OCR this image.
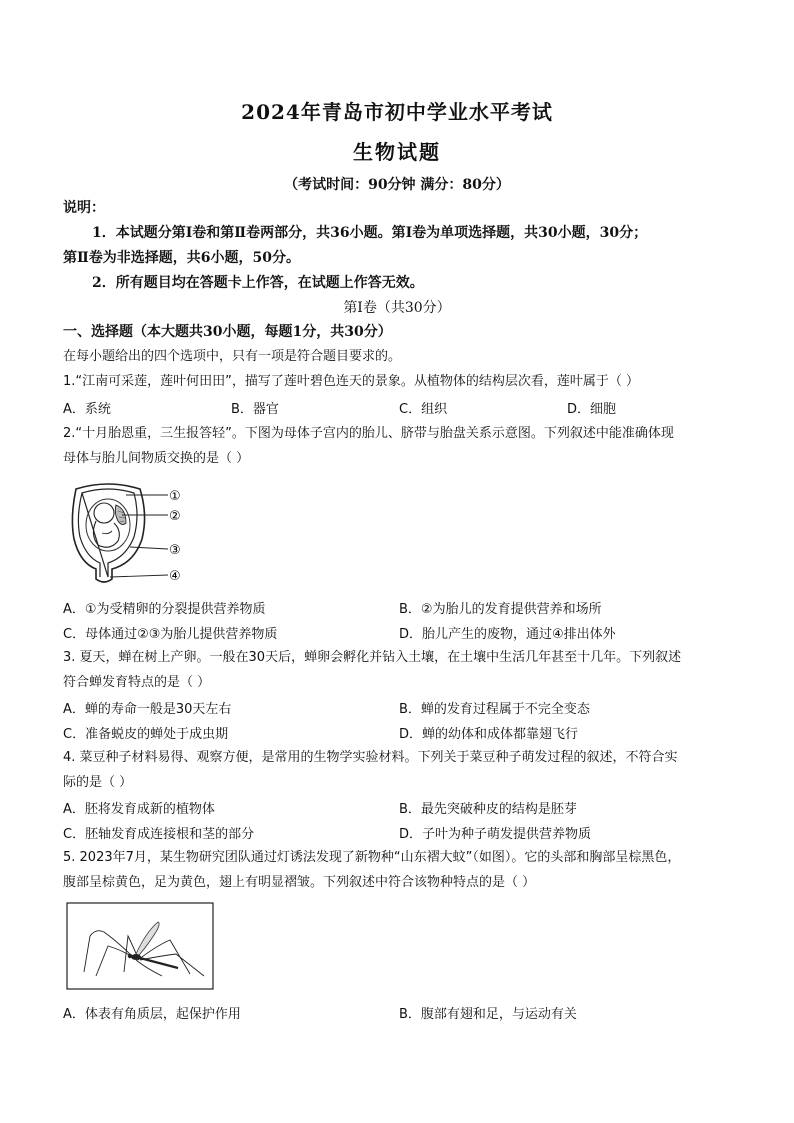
2024年青岛市初中学业水平考试
生物试题
（考试时间：90分钟 满分：80分）
说明：
1．本试题分第Ⅰ卷和第Ⅱ卷两部分，共36小题。第Ⅰ卷为单项选择题，共30小题，30分；
第Ⅱ卷为非选择题，共6小题，50分。
2．所有题目均在答题卡上作答，在试题上作答无效。
第Ⅰ卷（共30分）
一、选择题（本大题共30小题，每题1分，共30分）
在每小题给出的四个选项中，只有一项是符合题目要求的。
1.“江南可采莲，莲叶何田田”，描写了莲叶碧色连天的景象。从植物体的结构层次看，莲叶属于（ ）
A．系统	B．器官	C．组织	D．细胞
2.“十月胎恩重，三生报答轻”。下图为母体子宫内的胎儿、脐带与胎盘关系示意图。下列叙述中能准确体现
母体与胎儿间物质交换的是（ ）
①
②
③
④
A．①为受精卵的分裂提供营养物质	B．②为胎儿的发育提供营养和场所
C．母体通过②③为胎儿提供营养物质	D．胎儿产生的废物，通过④排出体外
3. 夏天，蝉在树上产卵。一般在30天后，蝉卵会孵化并钻入土壤，在土壤中生活几年甚至十几年。下列叙述
符合蝉发育特点的是（ ）
A．蝉的寿命一般是30天左右	B．蝉的发育过程属于不完全变态
C．准备蜕皮的蝉处于成虫期	D．蝉的幼体和成体都靠翅飞行
4. 菜豆种子材料易得、观察方便，是常用的生物学实验材料。下列关于菜豆种子萌发过程的叙述，不符合实
际的是（ ）
A．胚将发育成新的植物体	B．最先突破种皮的结构是胚芽
C．胚轴发育成连接根和茎的部分	D．子叶为种子萌发提供营养物质
5. 2023年7月，某生物研究团队通过灯诱法发现了新物种“山东褶大蚊”（如图）。它的头部和胸部呈棕黑色，
腹部呈棕黄色，足为黄色，翅上有明显褶皱。下列叙述中符合该物种特点的是（ ）
A．体表有角质层，起保护作用	B．腹部有翅和足，与运动有关
